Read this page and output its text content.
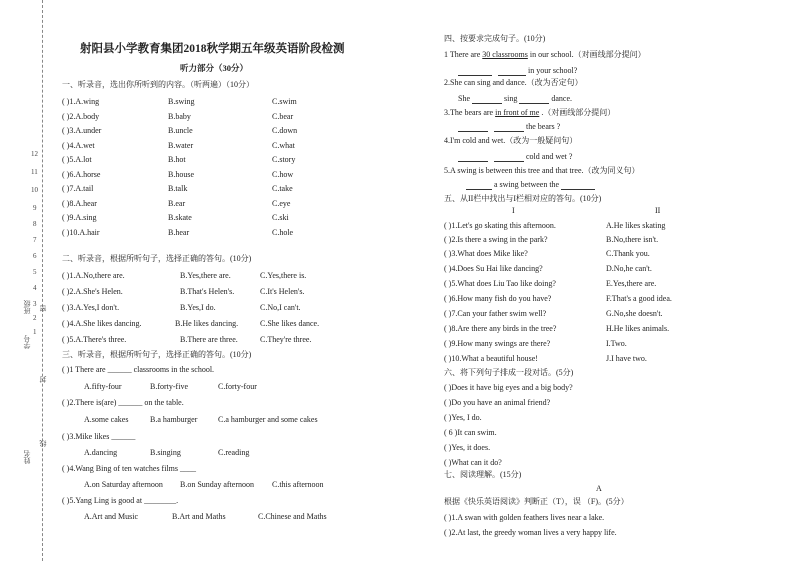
12
11
10
9
8
7
6
5
4
3
2
1
班级
学号
姓名
密
封
线
射阳县小学教育集团2018秋学期五年级英语阶段检测
听力部分（30分）
一、听录音，选出你所听到的内容。（听两遍）（10分）
( )1.A.wing	B.swing	C.swim
( )2.A.body	B.baby	C.bear
( )3.A.under	B.uncle	C.down
( )4.A.wet	B.water	C.what
( )5.A.lot	B.hot	C.story
( )6.A.horse	B.house	C.how
( )7.A.tail	B.talk	C.take
( )8.A.hear	B.ear	C.eye
( )9.A.sing	B.skate	C.ski
( )10.A.hair	B.hear	C.hole
二、听录音，根据所听句子，选择正确的答句。(10分)
( )1.A.No,there are.	B.Yes,there are.	C.Yes,there is.
( )2.A.She's Helen.	B.That's Helen's.	C.It's Helen's.
( )3.A.Yes,I don't.	B.Yes,I do.	C.No,I can't.
( )4.A.She likes dancing.	B.He likes dancing.	C.She likes dance.
( )5.A.There's three.	B.There are three.	C.They're three.
三、听录音，根据所听句子，选择正确的答句。(10分)
( )1 There are ______ classrooms in the school.
A.fifty-four	B.forty-five	C.forty-four
( )2.There is(are) ______ on the table.
A.some cakes	B.a hamburger	C.a hamburger and some cakes
( )3.Mike likes ______
A.dancing	B.singing	C.reading
( )4.Wang Bing of ten watches films ____
A.on Saturday afternoon B.on Sunday afternoon C.this afternoon
( )5.Yang Ling is good at ________.
A.Art and Music	B.Art and Maths	C.Chinese and Maths
四、按要求完成句子。(10分)
1 There are 30 classrooms in our school.（对画线部分提问）
in your school?
2.She can sing and dance.（改为否定句）
She	sing	dance.
3.The bears are in front of me .（对画线部分提问）
the bears ?
4.I'm cold and wet.（改为一般疑问句）
cold and wet ?
5.A swing is between this tree and that tree.（改为同义句）
a swing between the
五、从II栏中找出与I栏相对应的答句。(10分)
I	II
( )1.Let's go skating this afternoon.	A.He likes skating
( )2.Is there a swing in the park?	B.No,there isn't.
( )3.What does Mike like?	C.Thank you.
( )4.Does Su Hai like dancing?	D.No,he can't.
( )5.What does Liu Tao like doing?	E.Yes,there are.
( )6.How many fish do you have?	F.That's a good idea.
( )7.Can your father swim well?	G.No,she doesn't.
( )8.Are there any birds in the tree?	H.He likes animals.
( )9.How many swings are there?	I.Two.
( )10.What a beautiful house!	J.I have two.
六、将下列句子排成一段对话。(5分)
( )Does it have big eyes and a big body?
( )Do you have an animal friend?
( )Yes, I do.
( 6 )It can swim.
( )Yes, it does.
( )What can it do?
七、阅读理解。(15分)
A
根据《快乐英语阅读》判断正（T），误 （F)。(5分）
( )1.A swan with golden feathers lives near a lake.
( )2.At last, the greedy woman lives a very happy life.
